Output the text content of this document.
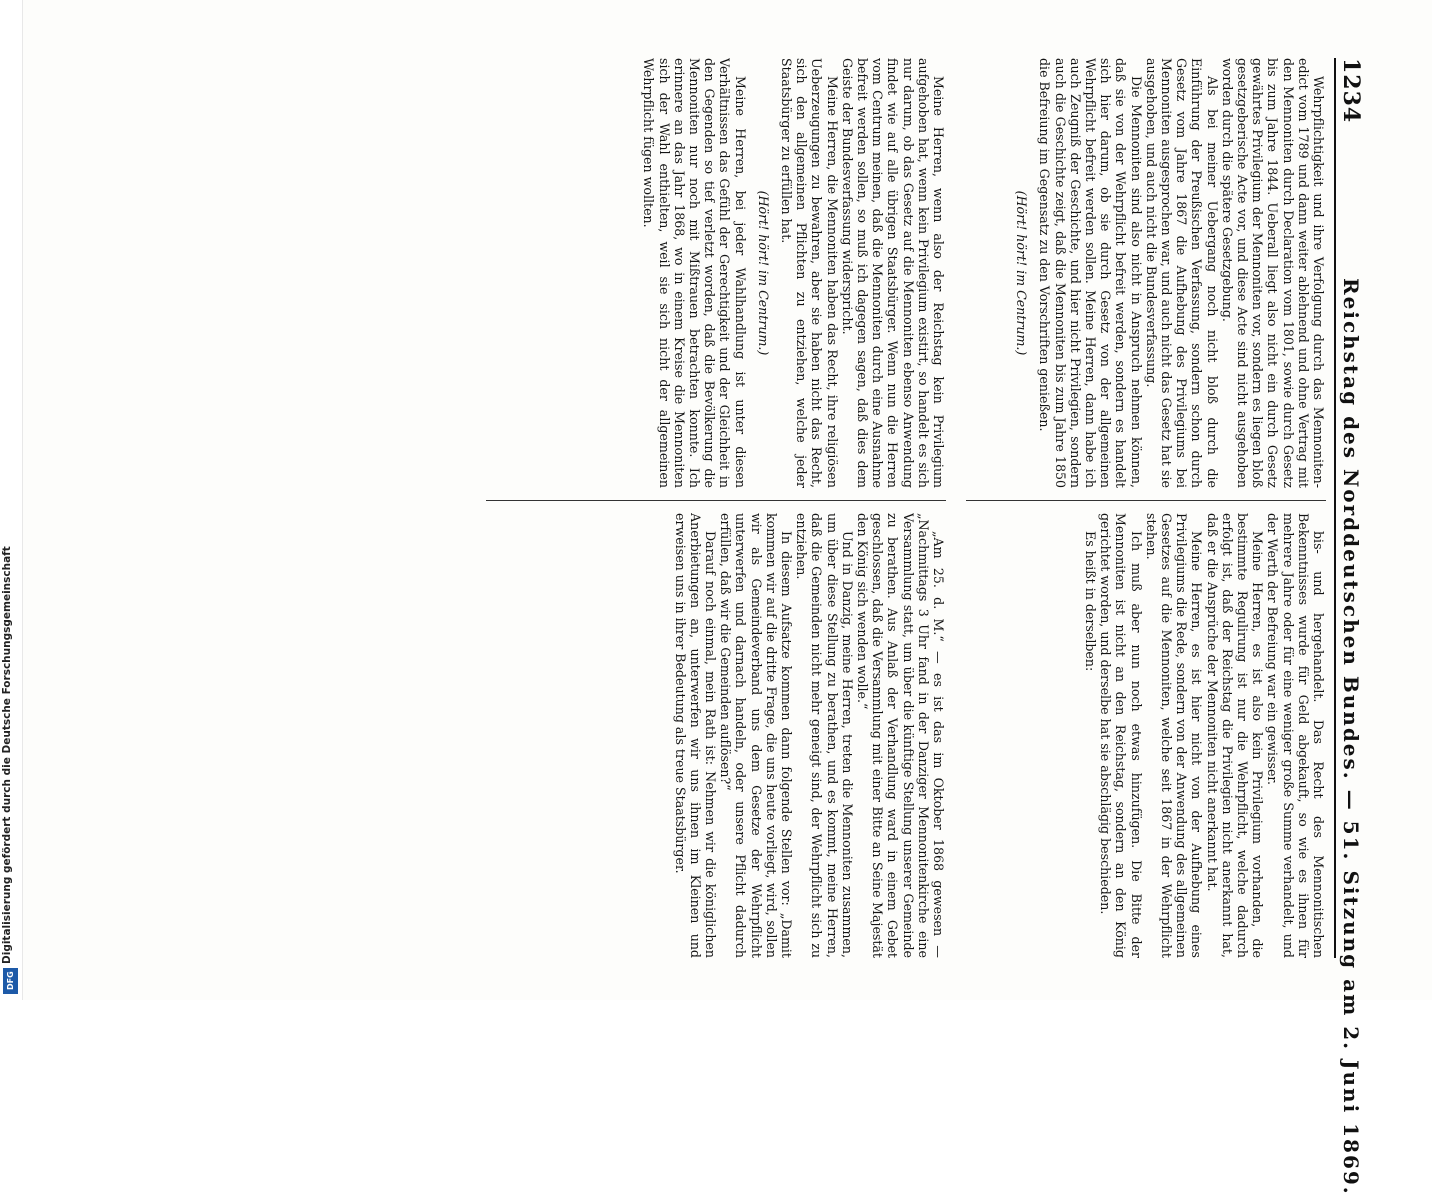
Digitalisierung gefördert durch die Deutsche Forschungsgemeinschaft
DFG
1234
Reichstag des Norddeutschen Bundes. — 51. Sitzung am 2. Juni 1869.

Wehrpflichtigkeit und ihre Verfolgung durch das Mennoniten-edict vom 1789 und dann weiter ablehnend und ohne Vertrag mit den Mennoniten durch Declaration vom 1801, sowie durch Gesetz bis zum Jahre 1844. Ueberall liegt also nicht ein durch Gesetz gewährtes Privilegium der Mennoniten vor, sondern es liegen bloß gesetzgeberische Acte vor, und diese Acte sind nicht ausgehoben worden durch die spätere Gesetzgebung.

Als bei meiner Uebergang noch nicht bloß durch die Einführung der Preußischen Verfassung, sondern schon durch Gesetz vom Jahre 1867 die Aufhebung des Privilegiums bei Mennoniten ausgesprochen war, und auch nicht das Gesetz hat sie ausgehoben, und auch nicht die Bundesverfassung.

Die Mennoniten sind also nicht in Anspruch nehmen können, daß sie von der Wehrpflicht befreit werden, sondern es handelt sich hier darum, ob sie durch Gesetz von der allgemeinen Wehrpflicht befreit werden sollen. Meine Herren, dann habe ich auch Zeugniß der Geschichte, und hier nicht Privilegien, sondern auch die Geschichte zeigt, daß die Mennoniten bis zum Jahre 1850 die Befreiung im Gegensatz zu den Vorschriften genießen.

(Hört! hört! im Centrum.)

bis- und hergehandelt. Das Recht des Mennonitischen Bekenntnisses wurde für Geld abgekauft, so wie es ihnen für mehrere Jahre oder für eine weniger große Summe verhandelt, und der Werth der Befreiung war ein gewisser.

Meine Herren, es ist also kein Privilegium vorhanden, die bestimmte Regulirung ist nur die Wehrpflicht, welche dadurch erfolgt ist, daß der Reichstag die Privilegien nicht anerkannt hat, daß er die Ansprüche der Mennoniten nicht anerkannt hat.

Meine Herren, es ist hier nicht von der Aufhebung eines Privilegiums die Rede, sondern von der Anwendung des allgemeinen Gesetzes auf die Mennoniten, welche seit 1867 in der Wehrpflicht stehen.

Ich muß aber nun noch etwas hinzufügen. Die Bitte der Mennoniten ist nicht an den Reichstag, sondern an den König gerichtet worden, und derselbe hat sie abschlägig beschieden.

Es heißt in derselben:

Meine Herren, wenn also der Reichstag kein Privilegium aufgehoben hat, wenn kein Privilegium existirt, so handelt es sich nur darum, ob das Gesetz auf die Mennoniten ebenso Anwendung findet wie auf alle übrigen Staatsbürger. Wenn nun die Herren vom Centrum meinen, daß die Mennoniten durch eine Ausnahme befreit werden sollen, so muß ich dagegen sagen, daß dies dem Geiste der Bundesverfassung widerspricht.

Meine Herren, die Mennoniten haben das Recht, ihre religiösen Ueberzeugungen zu bewahren, aber sie haben nicht das Recht, sich den allgemeinen Pflichten zu entziehen, welche jeder Staatsbürger zu erfüllen hat.

(Hört! hört! im Centrum.)

Meine Herren, bei jeder Wahlhandlung ist unter diesen Verhältnissen das Gefühl der Gerechtigkeit und der Gleichheit in den Gegenden so tief verletzt worden, daß die Bevölkerung die Mennoniten nur noch mit Mißtrauen betrachten konnte. Ich erinnere an das Jahr 1868, wo in einem Kreise die Mennoniten sich der Wahl enthielten, weil sie sich nicht der allgemeinen Wehrpflicht fügen wollten.

„Am 25. d. M.“ — es ist das im Oktober 1868 gewesen — „Nachmittags 3 Uhr fand in der Danziger Mennonitenkirche eine Versammlung statt, um über die künftige Stellung unserer Gemeinde zu berathen. Aus Anlaß der Verhandlung ward in einem Gebet geschlossen, daß die Versammlung mit einer Bitte an Seine Majestät den König sich wenden wolle.“

Und in Danzig, meine Herren, treten die Mennoniten zusammen, um über diese Stellung zu berathen, und es kommt, meine Herren, daß die Gemeinden nicht mehr geneigt sind, der Wehrpflicht sich zu entziehen.

In diesem Aufsatze kommen dann folgende Stellen vor: „Damit kommen wir auf die dritte Frage, die uns heute vorliegt, wird, sollen wir als Gemeindeverband uns dem Gesetze der Wehrpflicht unterwerfen und darnach handeln, oder unsere Pflicht dadurch erfüllen, daß wir die Gemeinden auflösen?“

Darauf noch einmal, mein Rath ist: Nehmen wir die königlichen Anerbietungen an, unterwerfen wir uns ihnen im Kleinen und erweisen uns in ihrer Bedeutung als treue Staatsbürger.
